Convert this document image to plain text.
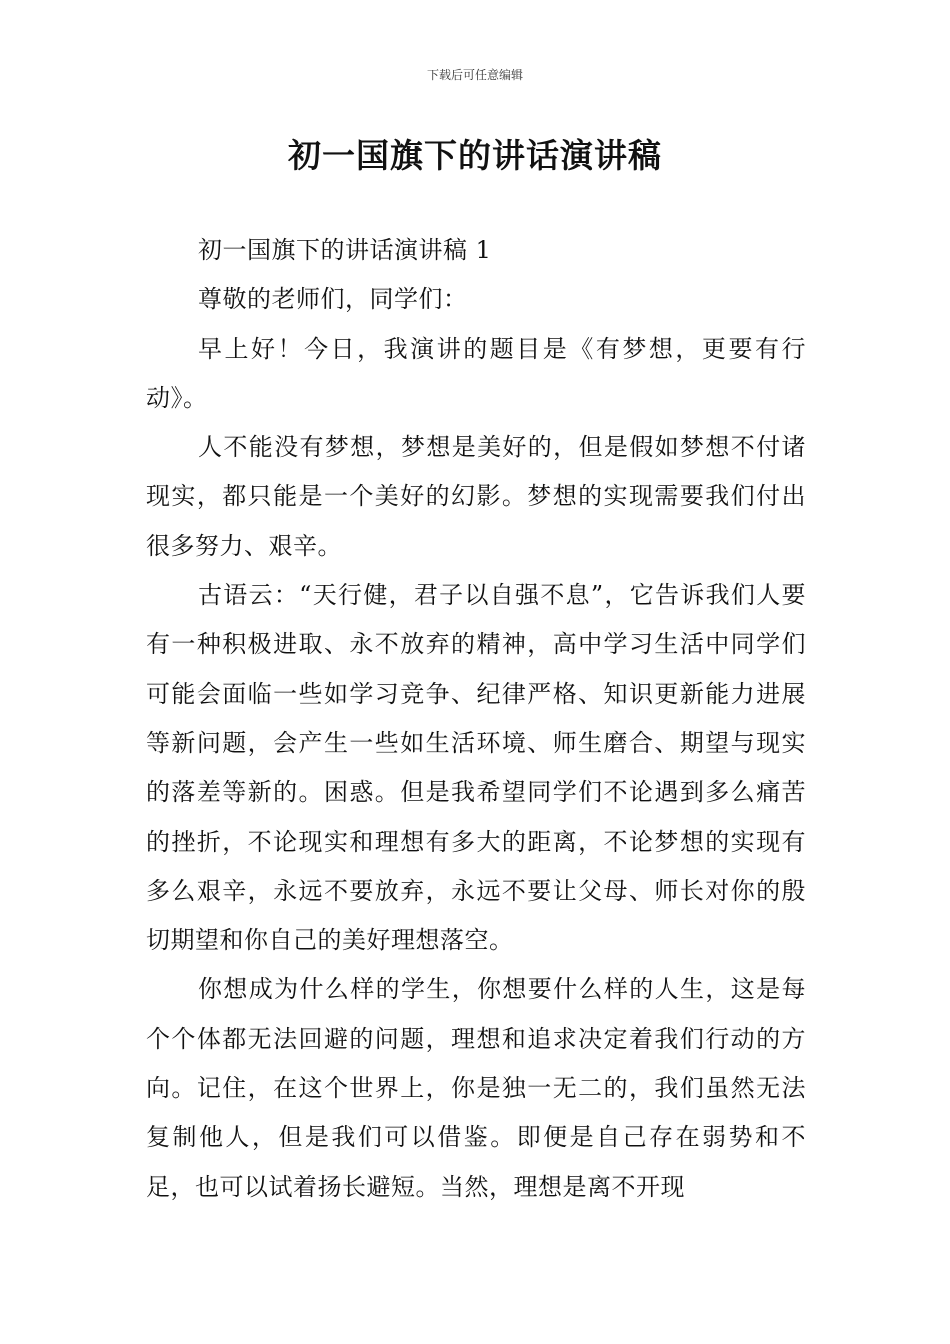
下载后可任意编辑
初一国旗下的讲话演讲稿

初一国旗下的讲话演讲稿 1

尊敬的老师们，同学们：

早上好！今日，我演讲的题目是《有梦想，更要有行动》。

人不能没有梦想，梦想是美好的，但是假如梦想不付诸现实，都只能是一个美好的幻影。梦想的实现需要我们付出很多努力、艰辛。

古语云：“天行健，君子以自强不息”，它告诉我们人要有一种积极进取、永不放弃的精神，高中学习生活中同学们可能会面临一些如学习竞争、纪律严格、知识更新能力进展等新问题，会产生一些如生活环境、师生磨合、期望与现实的落差等新的。困惑。但是我希望同学们不论遇到多么痛苦的挫折，不论现实和理想有多大的距离，不论梦想的实现有多么艰辛，永远不要放弃，永远不要让父母、师长对你的殷切期望和你自己的美好理想落空。

你想成为什么样的学生，你想要什么样的人生，这是每个个体都无法回避的问题，理想和追求决定着我们行动的方向。记住，在这个世界上，你是独一无二的，我们虽然无法复制他人，但是我们可以借鉴。即便是自己存在弱势和不足，也可以试着扬长避短。当然，理想是离不开现
